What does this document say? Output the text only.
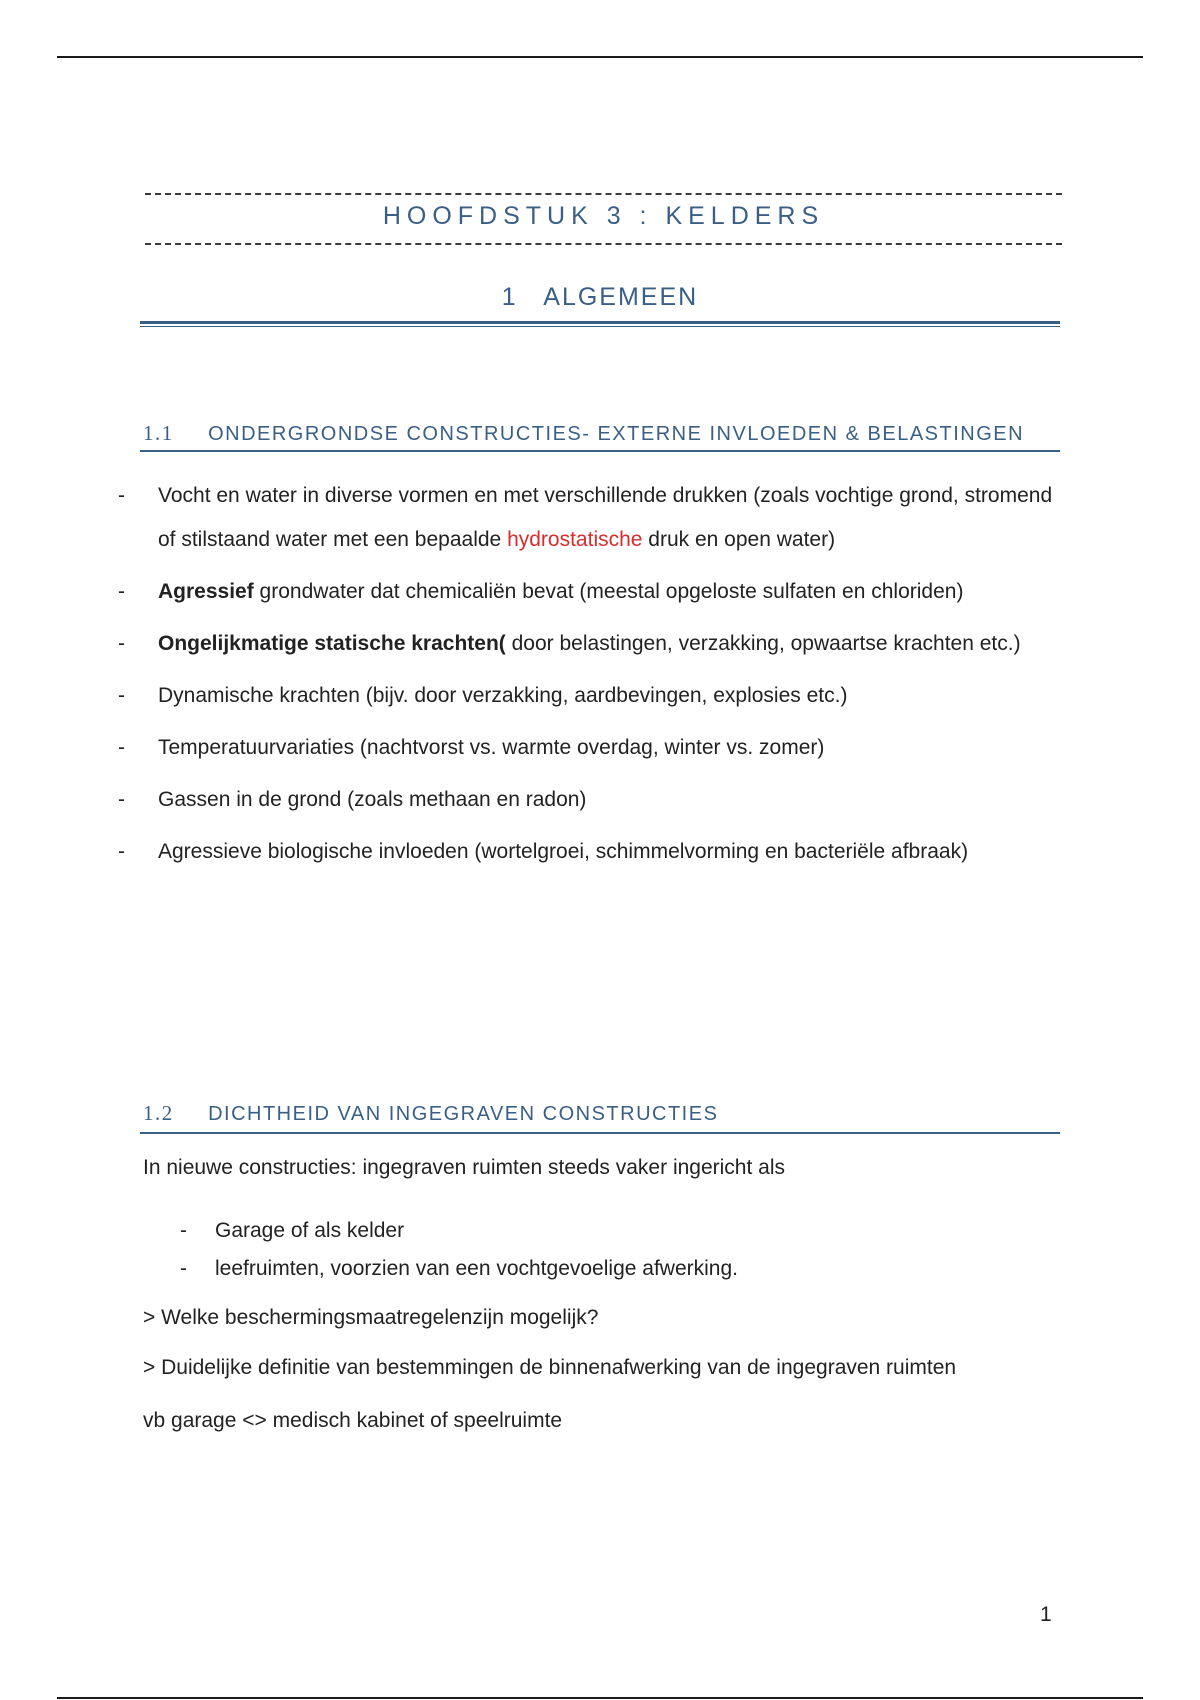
HOOFDSTUK 3 : KELDERS
1 ALGEMEEN
1.1 ONDERGRONDSE CONSTRUCTIES- EXTERNE INVLOEDEN & BELASTINGEN
- Vocht en water in diverse vormen en met verschillende drukken (zoals vochtige grond, stromend of stilstaand water met een bepaalde hydrostatische druk en open water)
- Agressief grondwater dat chemicaliën bevat (meestal opgeloste sulfaten en chloriden)
- Ongelijkmatige statische krachten( door belastingen, verzakking, opwaartse krachten etc.)
- Dynamische krachten (bijv. door verzakking, aardbevingen, explosies etc.)
- Temperatuurvariaties (nachtvorst vs. warmte overdag, winter vs. zomer)
- Gassen in de grond (zoals methaan en radon)
- Agressieve biologische invloeden (wortelgroei, schimmelvorming en bacteriële afbraak)
1.2 DICHTHEID VAN INGEGRAVEN CONSTRUCTIES
In nieuwe constructies: ingegraven ruimten steeds vaker ingericht als
- Garage of als kelder
- leefruimten, voorzien van een vochtgevoelige afwerking.
> Welke beschermingsmaatregelenzijn mogelijk?
> Duidelijke definitie van bestemmingen de binnenafwerking van de ingegraven ruimten
vb garage <> medisch kabinet of speelruimte
1
